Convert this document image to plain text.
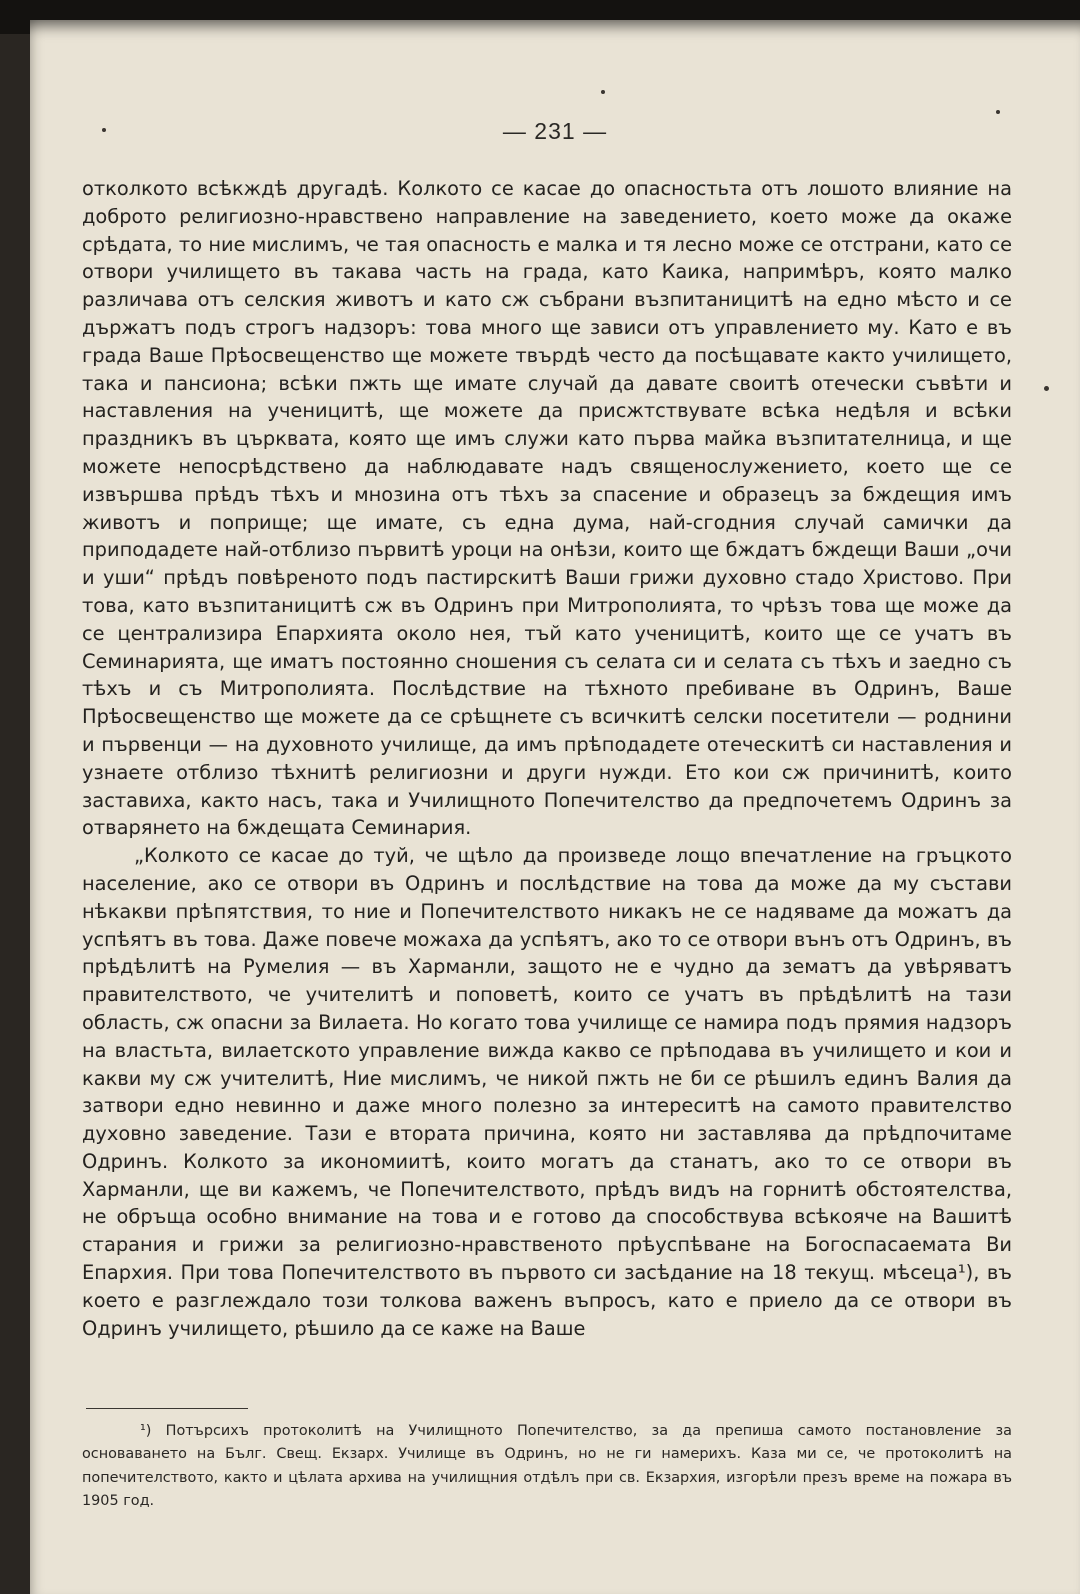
— 231 —

отколкото всѣкждѣ другадѣ. Колкото се касае до опасностьта отъ лошото влияние на доброто религиозно-нравствено направление на заведението, което може да окаже срѣдата, то ние мислимъ, че тая опасность е малка и тя лесно може се отстрани, като се отвори училището въ такава часть на града, като Каика, напримѣръ, която малко различава отъ селския животъ и като сж събрани възпитаницитѣ на едно мѣсто и се държатъ подъ строгъ надзоръ: това много ще зависи отъ управлението му. Като е въ града Ваше Прѣосвещенство ще можете твърдѣ често да посѣщавате както училището, така и пансиона; всѣки пжть ще имате случай да давате своитѣ отечески съвѣти и наставления на ученицитѣ, ще можете да присжтствувате всѣка недѣля и всѣки праздникъ въ църквата, която ще имъ служи като първа майка възпитателница, и ще можете непосрѣдствено да наблюдавате надъ священослужението, което ще се извършва прѣдъ тѣхъ и мнозина отъ тѣхъ за спасение и образецъ за бждещия имъ животъ и поприще; ще имате, съ една дума, най-сгодния случай самички да приподадете най-отблизо първитѣ уроци на онѣзи, които ще бждатъ бждещи Ваши „очи и уши“ прѣдъ повѣреното подъ пастирскитѣ Ваши грижи духовно стадо Христово. При това, като възпитаницитѣ сж въ Одринъ при Митрополията, то чрѣзъ това ще може да се централизира Епархията около нея, тъй като ученицитѣ, които ще се учатъ въ Семинарията, ще иматъ постоянно сношения съ селата си и селата съ тѣхъ и заедно съ тѣхъ и съ Митрополията. Послѣдствие на тѣхното пребиване въ Одринъ, Ваше Прѣосвещенство ще можете да се срѣщнете съ всичкитѣ селски посетители — роднини и първенци — на духовното училище, да имъ прѣподадете отеческитѣ си наставления и узнаете отблизо тѣхнитѣ религиозни и други нужди. Ето кои сж причинитѣ, които заставиха, както насъ, така и Училищното Попечителство да предпочетемъ Одринъ за отварянето на бждещата Семинария.

„Колкото се касае до туй, че щѣло да произведе лощо впечатление на гръцкото население, ако се отвори въ Одринъ и послѣдствие на това да може да му състави нѣкакви прѣпятствия, то ние и Попечителството никакъ не се надяваме да можатъ да успѣятъ въ това. Даже повече можаха да успѣятъ, ако то се отвори вънъ отъ Одринъ, въ прѣдѣлитѣ на Румелия — въ Харманли, защото не е чудно да зематъ да увѣряватъ правителството, че учителитѣ и поповетѣ, които се учатъ въ прѣдѣлитѣ на тази область, сж опасни за Вилаета. Но когато това училище се намира подъ прямия надзоръ на властьта, вилаетското управление вижда какво се прѣподава въ училището и кои и какви му сж учителитѣ, Ние мислимъ, че никой пжть не би се рѣшилъ единъ Валия да затвори едно невинно и даже много полезно за интереситѣ на самото правителство духовно заведение. Тази е втората причина, която ни заставлява да прѣдпочитаме Одринъ. Колкото за икономиитѣ, които могатъ да станатъ, ако то се отвори въ Харманли, ще ви кажемъ, че Попечителството, прѣдъ видъ на горнитѣ обстоятелства, не обръща особно внимание на това и е готово да способствува всѣкояче на Вашитѣ старания и грижи за религиозно-нравственото прѣуспѣване на Богоспасаемата Ви Епархия. При това Попечителството въ първото си засѣдание на 18 текущ. мѣсеца¹), въ което е разглеждало този толкова важенъ въпросъ, като е приело да се отвори въ Одринъ училището, рѣшило да се каже на Ваше

¹) Потърсихъ протоколитѣ на Училищното Попечителство, за да препиша самото постановление за основаването на Бълг. Свещ. Екзарх. Училище въ Одринъ, но не ги намерихъ. Каза ми се, че протоколитѣ на попечителството, както и цѣлата архива на училищния отдѣлъ при св. Екзархия, изгорѣли презъ време на пожара въ 1905 год.
